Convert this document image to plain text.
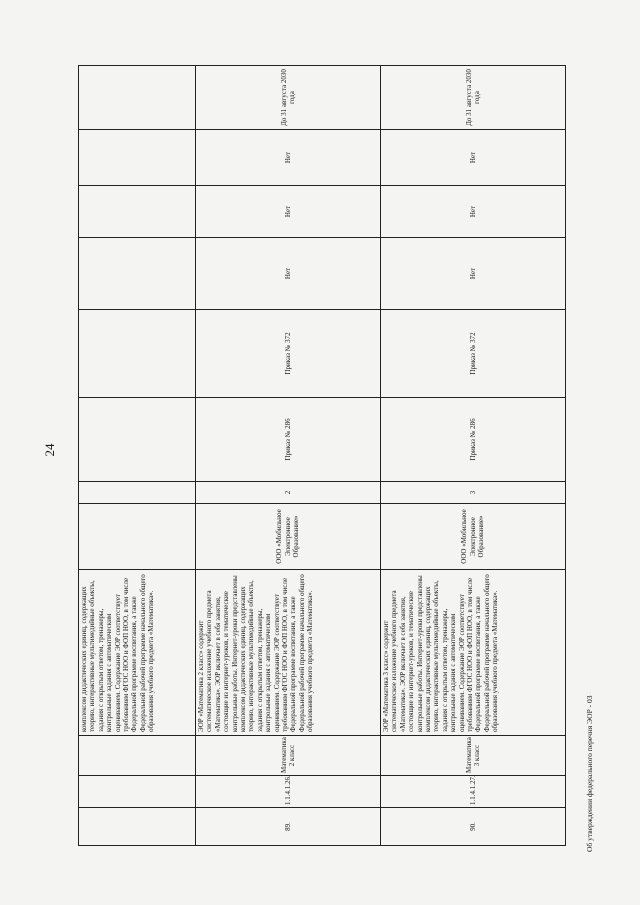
24
			комплексом дидактических единиц, содержащих теорию, интерактивные мультимедийные объекты, задания с открытым ответом, тренажеры, контрольные задания с автоматическим оцениванием. Содержание ЭОР соответствует требованиям ФГОС НОО и ФОП НОО, в том числе Федеральной программе воспитания, а также Федеральной рабочей программе начального общего образования учебного предмета «Математика».								
89.	1.1.4.1.26.	Математика 2 класс	ЭОР «Математика 2 класс» содержит систематическое изложение учебного предмета «Математика». ЭОР включает в себя занятия, состоящие из интернет-уроков, и тематические контрольные работы. Интернет-уроки представлены комплексом дидактических единиц, содержащих теорию, интерактивные мультимедийные объекты, задания с открытым ответом, тренажеры, контрольные задания с автоматическим оцениванием. Содержание ЭОР соответствует требованиям ФГОС НОО и ФОП НОО, в том числе Федеральной программе воспитания, а также Федеральной рабочей программе начального общего образования учебного предмета «Математика».	ООО «Мобильное Электронное Образование»	2	Приказ № 286	Приказ № 372	Нет	Нет	Нет	До 31 августа 2030 года
90.	1.1.4.1.27.	Математика 3 класс	ЭОР «Математика 3 класс» содержит систематическое изложение учебного предмета «Математика». ЭОР включает в себя занятия, состоящие из интернет-уроков, и тематические контрольные работы. Интернет-уроки представлены комплексом дидактических единиц, содержащих теорию, интерактивные мультимедийные объекты, задания с открытым ответом, тренажеры, контрольные задания с автоматическим оцениванием. Содержание ЭОР соответствует требованиям ФГОС НОО и ФОП НОО, в том числе Федеральной программе воспитания, а также Федеральной рабочей программе начального общего образования учебного предмета «Математика».	ООО «Мобильное Электронное Образование»	3	Приказ № 286	Приказ № 372	Нет	Нет	Нет	До 31 августа 2030 года
Об утверждении федерального перечня ЭОР - 03
